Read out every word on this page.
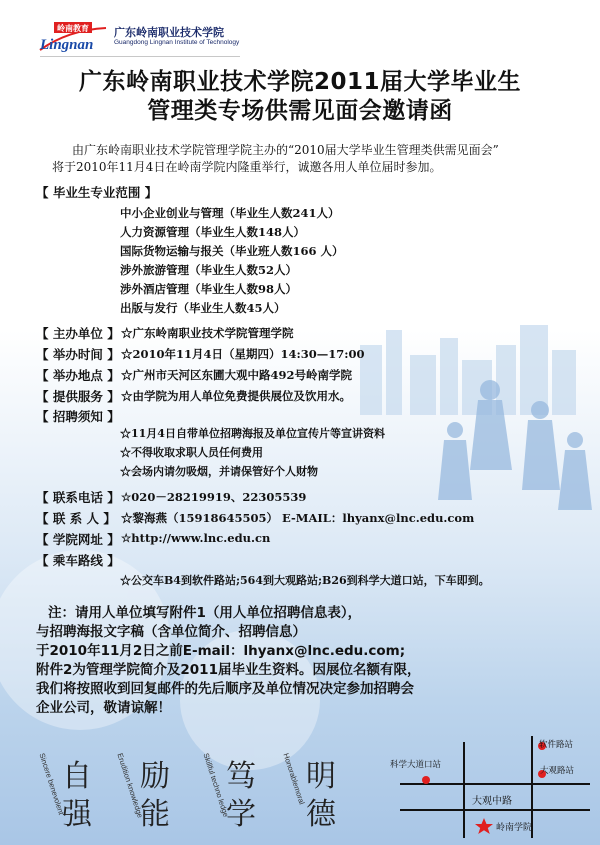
岭南教育
Lingnan
广东岭南职业技术学院
Guangdong Lingnan Institute of Technology
广东岭南职业技术学院2011届大学毕业生
管理类专场供需见面会邀请函
由广东岭南职业技术学院管理学院主办的“2010届大学毕业生管理类供需见面会”
将于2010年11月4日在岭南学院内隆重举行，诚邀各用人单位届时参加。
【 毕业生专业范围 】
中小企业创业与管理（毕业生人数241人）
人力资源管理（毕业生人数148人）
国际货物运输与报关（毕业班人数166 人）
涉外旅游管理（毕业生人数52人）
涉外酒店管理（毕业生人数98人）
出版与发行（毕业生人数45人）
【 主办单位 】 ☆广东岭南职业技术学院管理学院
【 举办时间 】 ☆2010年11月4日（星期四）14:30—17:00
【 举办地点 】 ☆广州市天河区东圃大观中路492号岭南学院
【 提供服务 】 ☆由学院为用人单位免费提供展位及饮用水。
【 招聘须知 】
☆11月4日自带单位招聘海报及单位宣传片等宣讲资料
☆不得收取求职人员任何费用
☆会场内请勿吸烟，并请保管好个人财物
【 联系电话 】 ☆020－28219919、22305539
【 联 系 人 】 ☆黎海燕（15918645505） E-MAIL：lhyanx@lnc.edu.com
【 学院网址 】 ☆http://www.lnc.edu.cn
【 乘车路线 】
☆公交车B4到软件路站;564到大观路站;B26到科学大道口站，下车即到。
注：请用人单位填写附件1（用人单位招聘信息表），
与招聘海报文字稿（含单位简介、招聘信息）
于2010年11月2日之前E-mail：lhyanx@lnc.edu.com;
附件2为管理学院简介及2011届毕业生资料。因展位名额有限，
我们将按照收到回复邮件的先后顺序及单位情况决定参加招聘会
企业公司，敬请谅解！
自
强
Sincere benevolent 励
能
Erudition knowledge	笃
学
Skillful techno ledge	明
德
Honorablemoral
软件路站
大观路站
科学大道口站
大观中路
岭南学院
